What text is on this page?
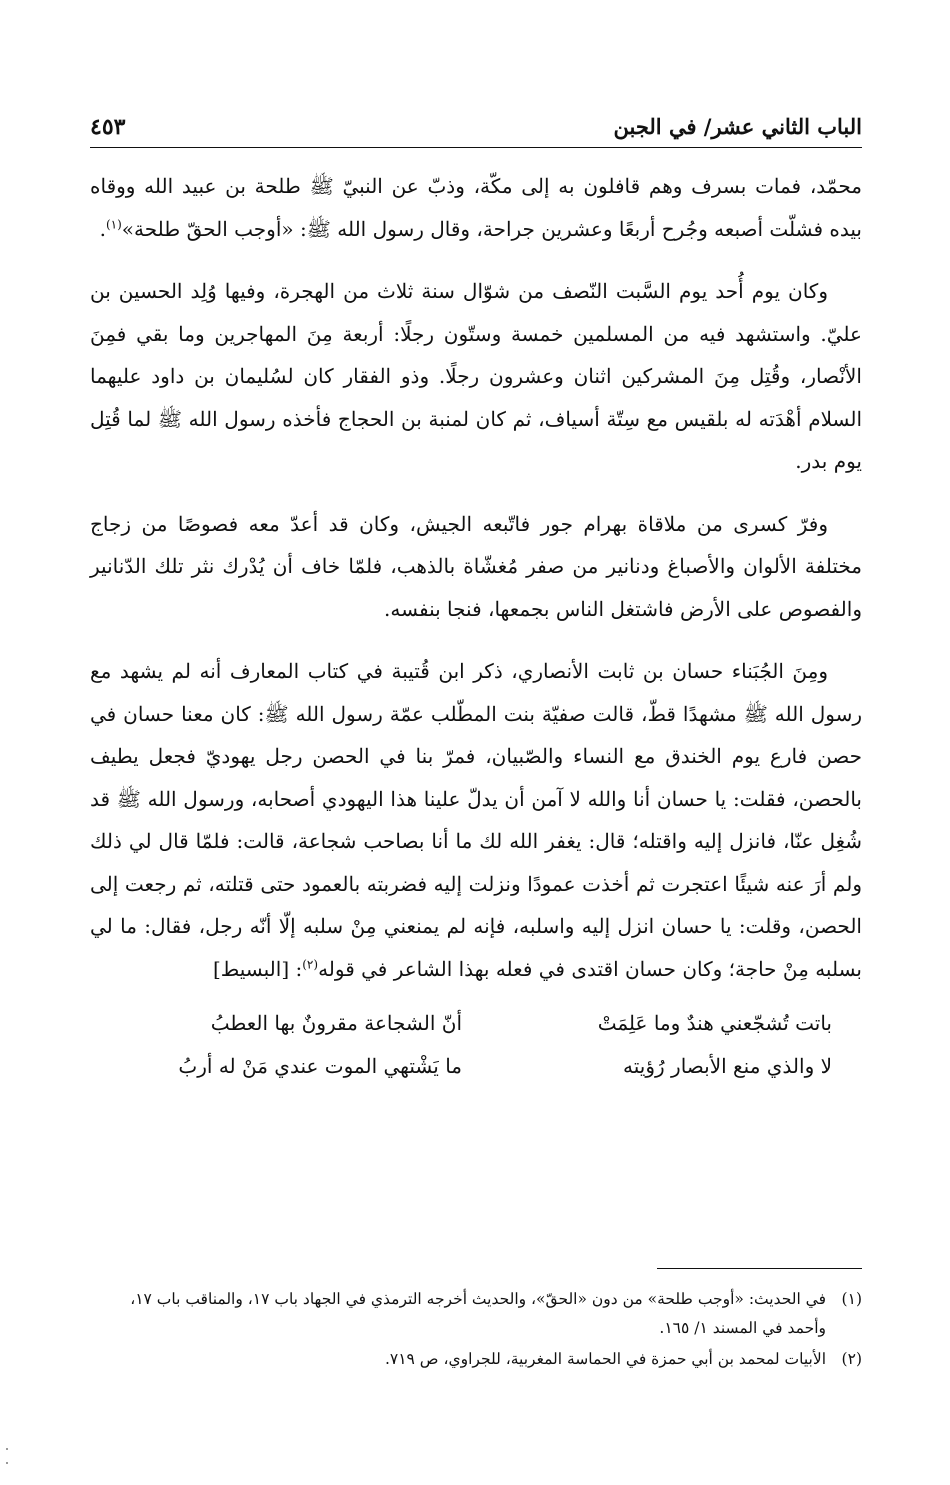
الباب الثاني عشر/ في الجبن
٤٥٣

محمّد، فمات بسرف وهم قافلون به إلى مكّة، وذبّ عن النبيّ ﷺ طلحة بن عبيد الله ووقاه بيده فشلّت أصبعه وجُرح أربعًا وعشرين جراحة، وقال رسول الله ﷺ: «أوجب الحقّ طلحة»$^{(١)}$.

وكان يوم أُحد يوم السَّبت النّصف من شوّال سنة ثلاث من الهجرة، وفيها وُلِد الحسين بن عليّ. واستشهد فيه من المسلمين خمسة وستّون رجلًا: أربعة مِنَ المهاجرين وما بقي فمِنَ الأنْصار، وقُتِل مِنَ المشركين اثنان وعشرون رجلًا. وذو الفقار كان لسُليمان بن داود عليهما السلام أهْدَته له بلقيس مع سِتّة أسياف، ثم كان لمنبة بن الحجاج فأخذه رسول الله ﷺ لما قُتِل يوم بدر.

وفرّ كسرى من ملاقاة بهرام جور فاتّبعه الجيش، وكان قد أعدّ معه فصوصًا من زجاج مختلفة الألوان والأصباغ ودنانير من صفر مُغشّاة بالذهب، فلمّا خاف أن يُدْرك نثر تلك الدّنانير والفصوص على الأرض فاشتغل الناس بجمعها، فنجا بنفسه.

ومِنَ الجُبَناء حسان بن ثابت الأنصاري، ذكر ابن قُتيبة في كتاب المعارف أنه لم يشهد مع رسول الله ﷺ مشهدًا قطّ، قالت صفيّة بنت المطّلب عمّة رسول الله ﷺ: كان معنا حسان في حصن فارع يوم الخندق مع النساء والصّبيان، فمرّ بنا في الحصن رجل يهوديّ فجعل يطيف بالحصن، فقلت: يا حسان أنا والله لا آمن أن يدلّ علينا هذا اليهودي أصحابه، ورسول الله ﷺ قد شُغِل عنّا، فانزل إليه واقتله؛ قال: يغفر الله لك ما أنا بصاحب شجاعة، قالت: فلمّا قال لي ذلك ولم أرَ عنه شيئًا اعتجرت ثم أخذت عمودًا ونزلت إليه فضربته بالعمود حتى قتلته، ثم رجعت إلى الحصن، وقلت: يا حسان انزل إليه واسلبه، فإنه لم يمنعني مِنْ سلبه إلّا أنّه رجل، فقال: ما لي بسلبه مِنْ حاجة؛ وكان حسان اقتدى في فعله بهذا الشاعر في قوله$^{(٢)}$: [البسيط]

باتت تُشجّعني هندٌ وما عَلِمَتْ
أنّ الشجاعة مقرونٌ بها العطبُ
لا والذي منع الأبصار رُؤيته
ما يَشْتهي الموت عندي مَنْ له أربُ
(١)
في الحديث: «أوجب طلحة» من دون «الحقّ»، والحديث أخرجه الترمذي في الجهاد باب ١٧، والمناقب باب ١٧، وأحمد في المسند ١/ ١٦٥.
(٢)
الأبيات لمحمد بن أبي حمزة في الحماسة المغربية، للجراوي، ص ٧١٩.
